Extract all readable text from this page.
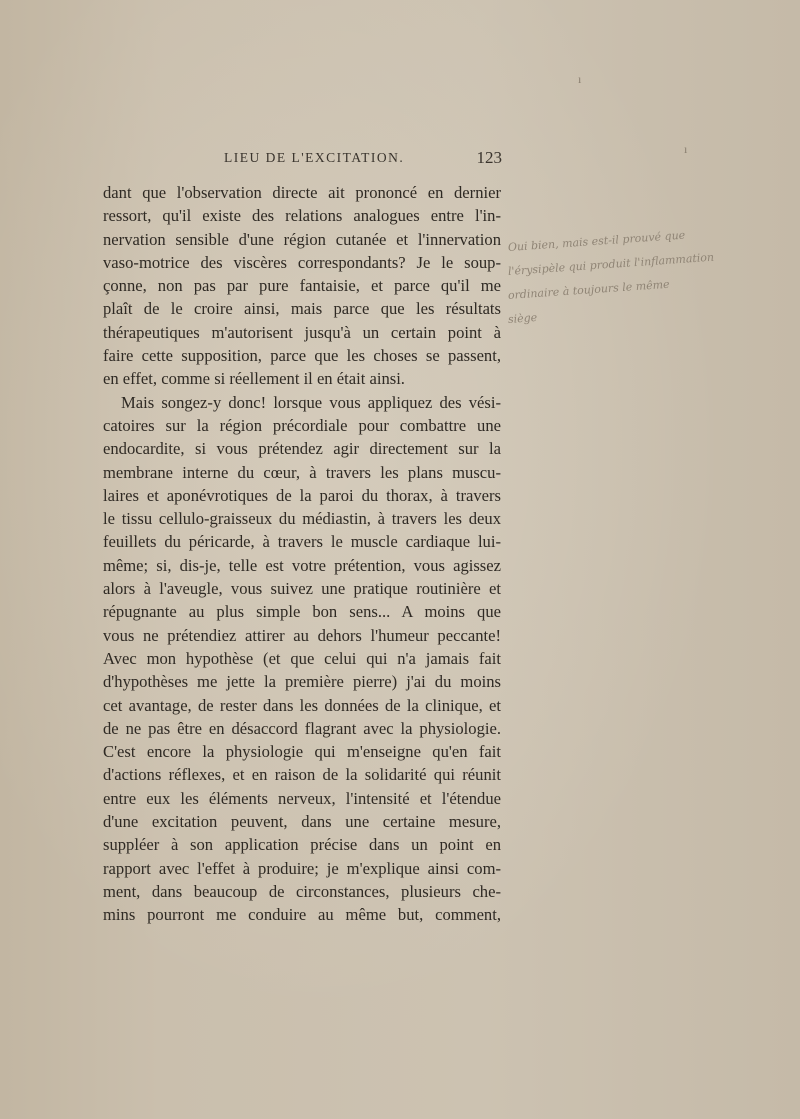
LIEU DE L'EXCITATION.	123
dant que l'observation directe ait prononcé en dernier
ressort, qu'il existe des relations analogues entre l'in-
nervation sensible d'une région cutanée et l'innervation
vaso-motrice des viscères correspondants? Je le soup-
çonne, non pas par pure fantaisie, et parce qu'il me
plaît de le croire ainsi, mais parce que les résultats
thérapeutiques m'autorisent jusqu'à un certain point à
faire cette supposition, parce que les choses se passent,
en effet, comme si réellement il en était ainsi.
Mais songez-y donc! lorsque vous appliquez des vési-
catoires sur la région précordiale pour combattre une
endocardite, si vous prétendez agir directement sur la
membrane interne du cœur, à travers les plans muscu-
laires et aponévrotiques de la paroi du thorax, à travers
le tissu cellulo-graisseux du médiastin, à travers les deux
feuillets du péricarde, à travers le muscle cardiaque lui-
même; si, dis-je, telle est votre prétention, vous agissez
alors à l'aveugle, vous suivez une pratique routinière et
répugnante au plus simple bon sens... A moins que
vous ne prétendiez attirer au dehors l'humeur peccante!
Avec mon hypothèse (et que celui qui n'a jamais fait
d'hypothèses me jette la première pierre) j'ai du moins
cet avantage, de rester dans les données de la clinique, et
de ne pas être en désaccord flagrant avec la physiologie.
C'est encore la physiologie qui m'enseigne qu'en fait
d'actions réflexes, et en raison de la solidarité qui réunit
entre eux les éléments nerveux, l'intensité et l'étendue
d'une excitation peuvent, dans une certaine mesure,
suppléer à son application précise dans un point en
rapport avec l'effet à produire; je m'explique ainsi com-
ment, dans beaucoup de circonstances, plusieurs che-
mins pourront me conduire au même but, comment,
Oui bien, mais est-il prouvé que
l'érysipèle qui produit l'inflammation
ordinaire à toujours le même
siège
ı
ı
